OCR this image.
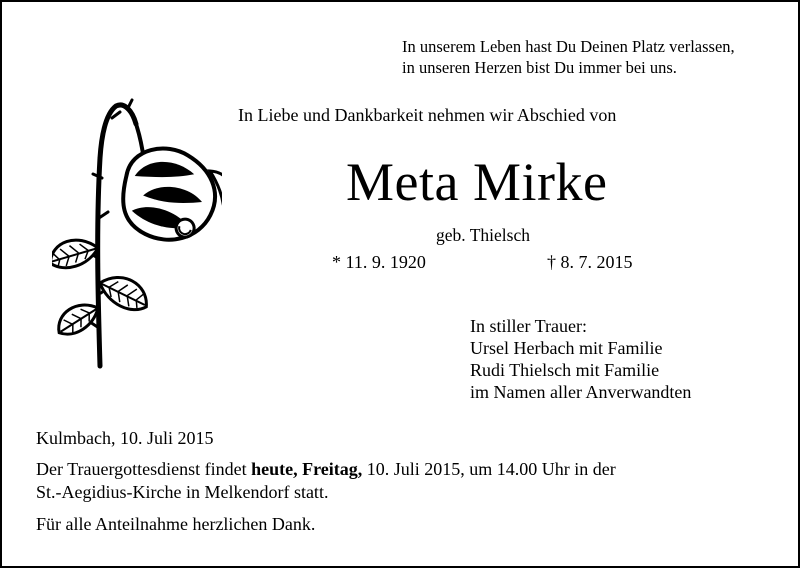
In unserem Leben hast Du Deinen Platz verlassen,
in unseren Herzen bist Du immer bei uns.
In Liebe und Dankbarkeit nehmen wir Abschied von
Meta Mirke
geb. Thielsch
* 11. 9. 1920	† 8. 7. 2015
In stiller Trauer:
Ursel Herbach mit Familie
Rudi Thielsch mit Familie
im Namen aller Anverwandten
Kulmbach, 10. Juli 2015
Der Trauergottesdienst findet heute, Freitag, 10. Juli 2015, um 14.00 Uhr in der
St.-Aegidius-Kirche in Melkendorf statt.
Für alle Anteilnahme herzlichen Dank.
